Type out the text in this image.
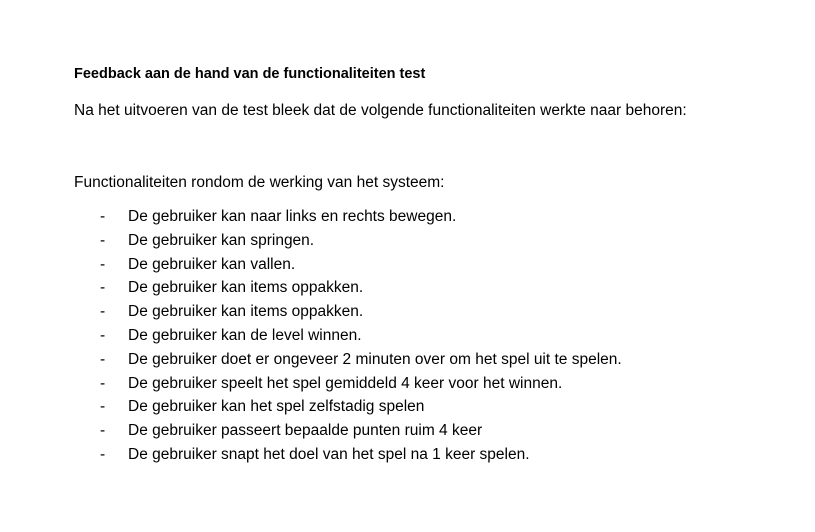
Feedback aan de hand van de functionaliteiten test
Na het uitvoeren van de test bleek dat de volgende functionaliteiten werkte naar behoren:
Functionaliteiten rondom de werking van het systeem:
- De gebruiker kan naar links en rechts bewegen.
- De gebruiker kan springen.
- De gebruiker kan vallen.
- De gebruiker kan items oppakken.
- De gebruiker kan items oppakken.
- De gebruiker kan de level winnen.
- De gebruiker doet er ongeveer 2 minuten over om het spel uit te spelen.
- De gebruiker speelt het spel gemiddeld 4 keer voor het winnen.
- De gebruiker kan het spel zelfstadig spelen
- De gebruiker passeert bepaalde punten ruim 4 keer
- De gebruiker snapt het doel van het spel na 1 keer spelen.
